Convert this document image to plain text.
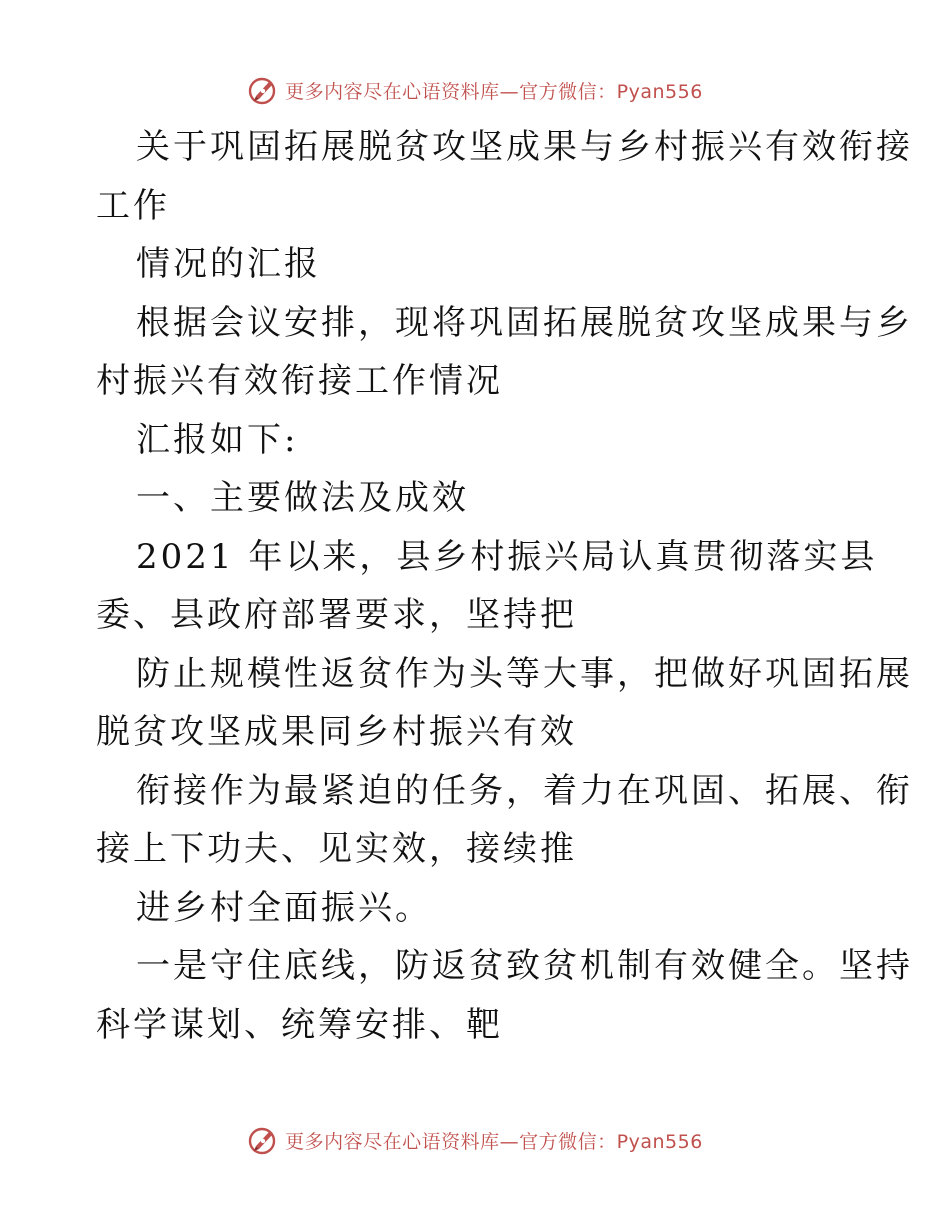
更多内容尽在心语资料库—官方微信：Pyan556
关于巩固拓展脱贫攻坚成果与乡村振兴有效衔接
工作
情况的汇报
根据会议安排，现将巩固拓展脱贫攻坚成果与乡
村振兴有效衔接工作情况
汇报如下:
一、主要做法及成效
2021 年以来，县乡村振兴局认真贯彻落实县
委、县政府部署要求，坚持把
防止规模性返贫作为头等大事，把做好巩固拓展
脱贫攻坚成果同乡村振兴有效
衔接作为最紧迫的任务，着力在巩固、拓展、衔
接上下功夫、见实效，接续推
进乡村全面振兴。
一是守住底线，防返贫致贫机制有效健全。坚持
科学谋划、统筹安排、靶
更多内容尽在心语资料库—官方微信：Pyan556
